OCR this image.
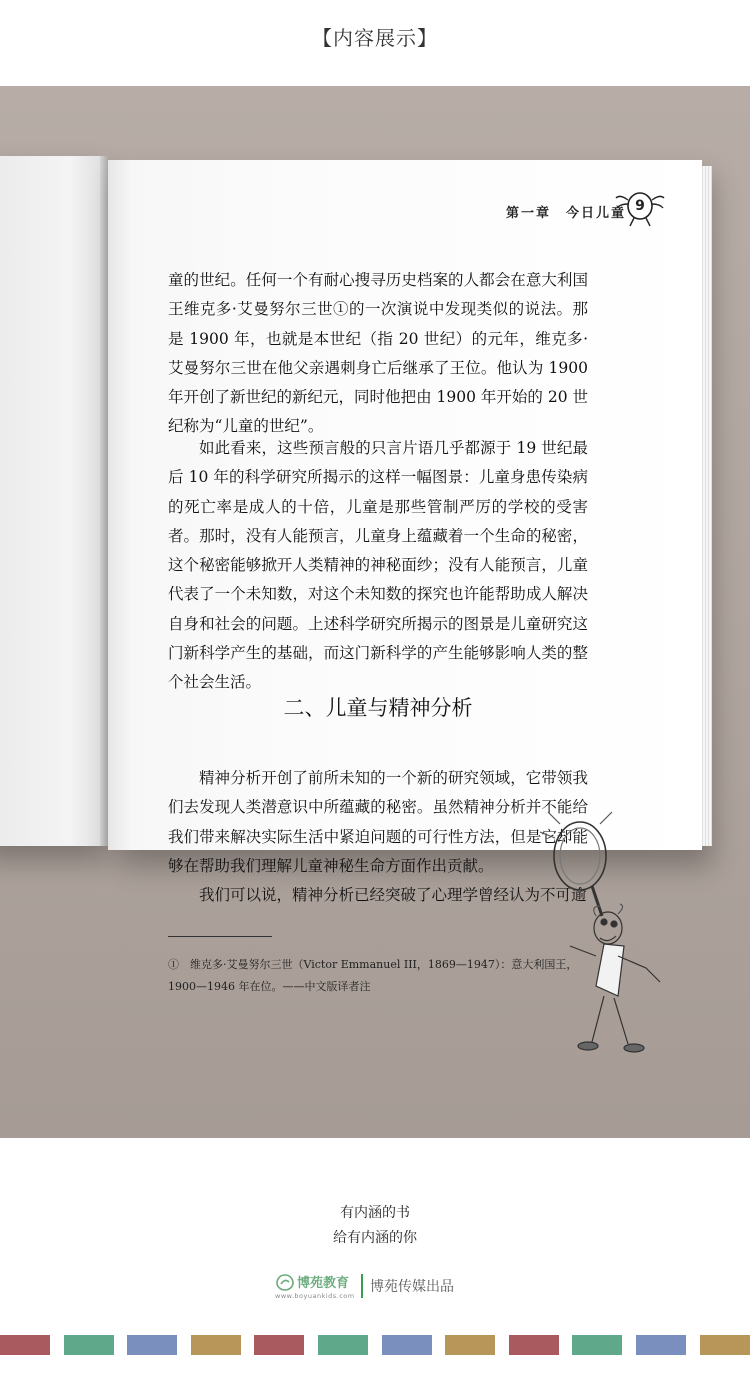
【内容展示】
第一章　今日儿童 9

童的世纪。任何一个有耐心搜寻历史档案的人都会在意大利国王维克多·艾曼努尔三世①的一次演说中发现类似的说法。那是 1900 年，也就是本世纪（指 20 世纪）的元年，维克多·艾曼努尔三世在他父亲遇刺身亡后继承了王位。他认为 1900 年开创了新世纪的新纪元，同时他把由 1900 年开始的 20 世纪称为“儿童的世纪”。

如此看来，这些预言般的只言片语几乎都源于 19 世纪最后 10 年的科学研究所揭示的这样一幅图景：儿童身患传染病的死亡率是成人的十倍，儿童是那些管制严厉的学校的受害者。那时，没有人能预言，儿童身上蕴藏着一个生命的秘密，这个秘密能够掀开人类精神的神秘面纱；没有人能预言，儿童代表了一个未知数，对这个未知数的探究也许能帮助成人解决自身和社会的问题。上述科学研究所揭示的图景是儿童研究这门新科学产生的基础，而这门新科学的产生能够影响人类的整个社会生活。

二、儿童与精神分析

精神分析开创了前所未知的一个新的研究领域，它带领我们去发现人类潜意识中所蕴藏的秘密。虽然精神分析并不能给我们带来解决实际生活中紧迫问题的可行性方法，但是它却能够在帮助我们理解儿童神秘生命方面作出贡献。

我们可以说，精神分析已经突破了心理学曾经认为不可逾

①　维克多·艾曼努尔三世（Victor Emmanuel III，1869—1947）：意大利国王，
1900—1946 年在位。——中文版译者注
有内涵的书
给有内涵的你
博苑教育
www.boyuankids.com
博苑传媒出品
